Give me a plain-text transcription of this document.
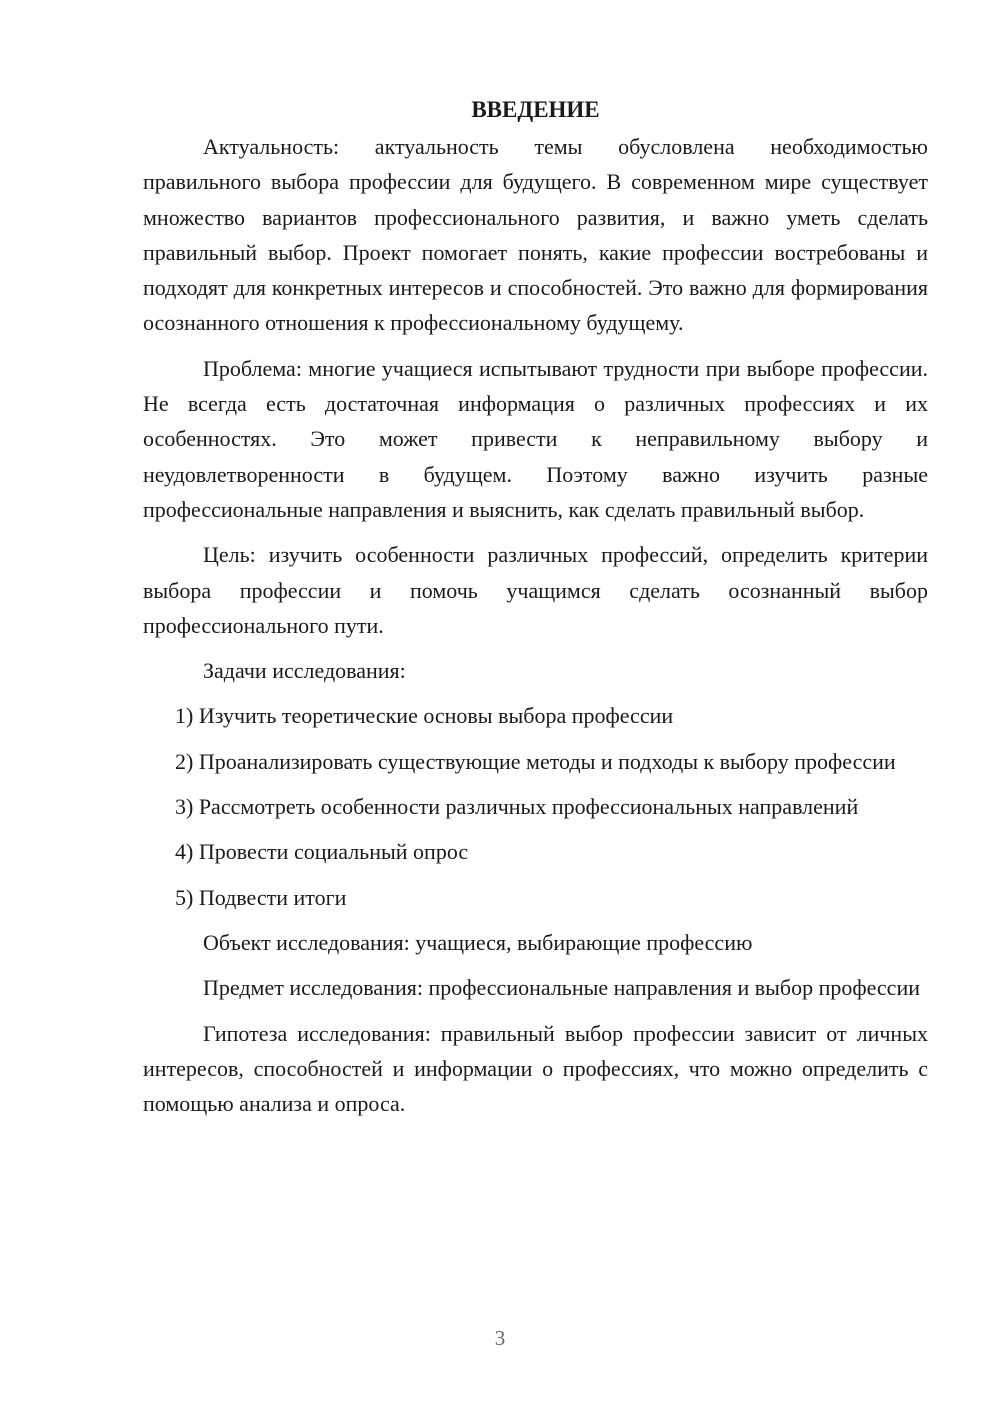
ВВЕДЕНИЕ

Актуальность: актуальность темы обусловлена необходимостью правильного выбора профессии для будущего. В современном мире существует множество вариантов профессионального развития, и важно уметь сделать правильный выбор. Проект помогает понять, какие профессии востребованы и подходят для конкретных интересов и способностей. Это важно для формирования осознанного отношения к профессиональному будущему.

Проблема: многие учащиеся испытывают трудности при выборе профессии. Не всегда есть достаточная информация о различных профессиях и их особенностях. Это может привести к неправильному выбору и неудовлетворенности в будущем. Поэтому важно изучить разные профессиональные направления и выяснить, как сделать правильный выбор.

Цель: изучить особенности различных профессий, определить критерии выбора профессии и помочь учащимся сделать осознанный выбор профессионального пути.

Задачи исследования:

1) Изучить теоретические основы выбора профессии

2) Проанализировать существующие методы и подходы к выбору профессии

3) Рассмотреть особенности различных профессиональных направлений

4) Провести социальный опрос

5) Подвести итоги

Объект исследования: учащиеся, выбирающие профессию

Предмет исследования: профессиональные направления и выбор профессии

Гипотеза исследования: правильный выбор профессии зависит от личных интересов, способностей и информации о профессиях, что можно определить с помощью анализа и опроса.

3
